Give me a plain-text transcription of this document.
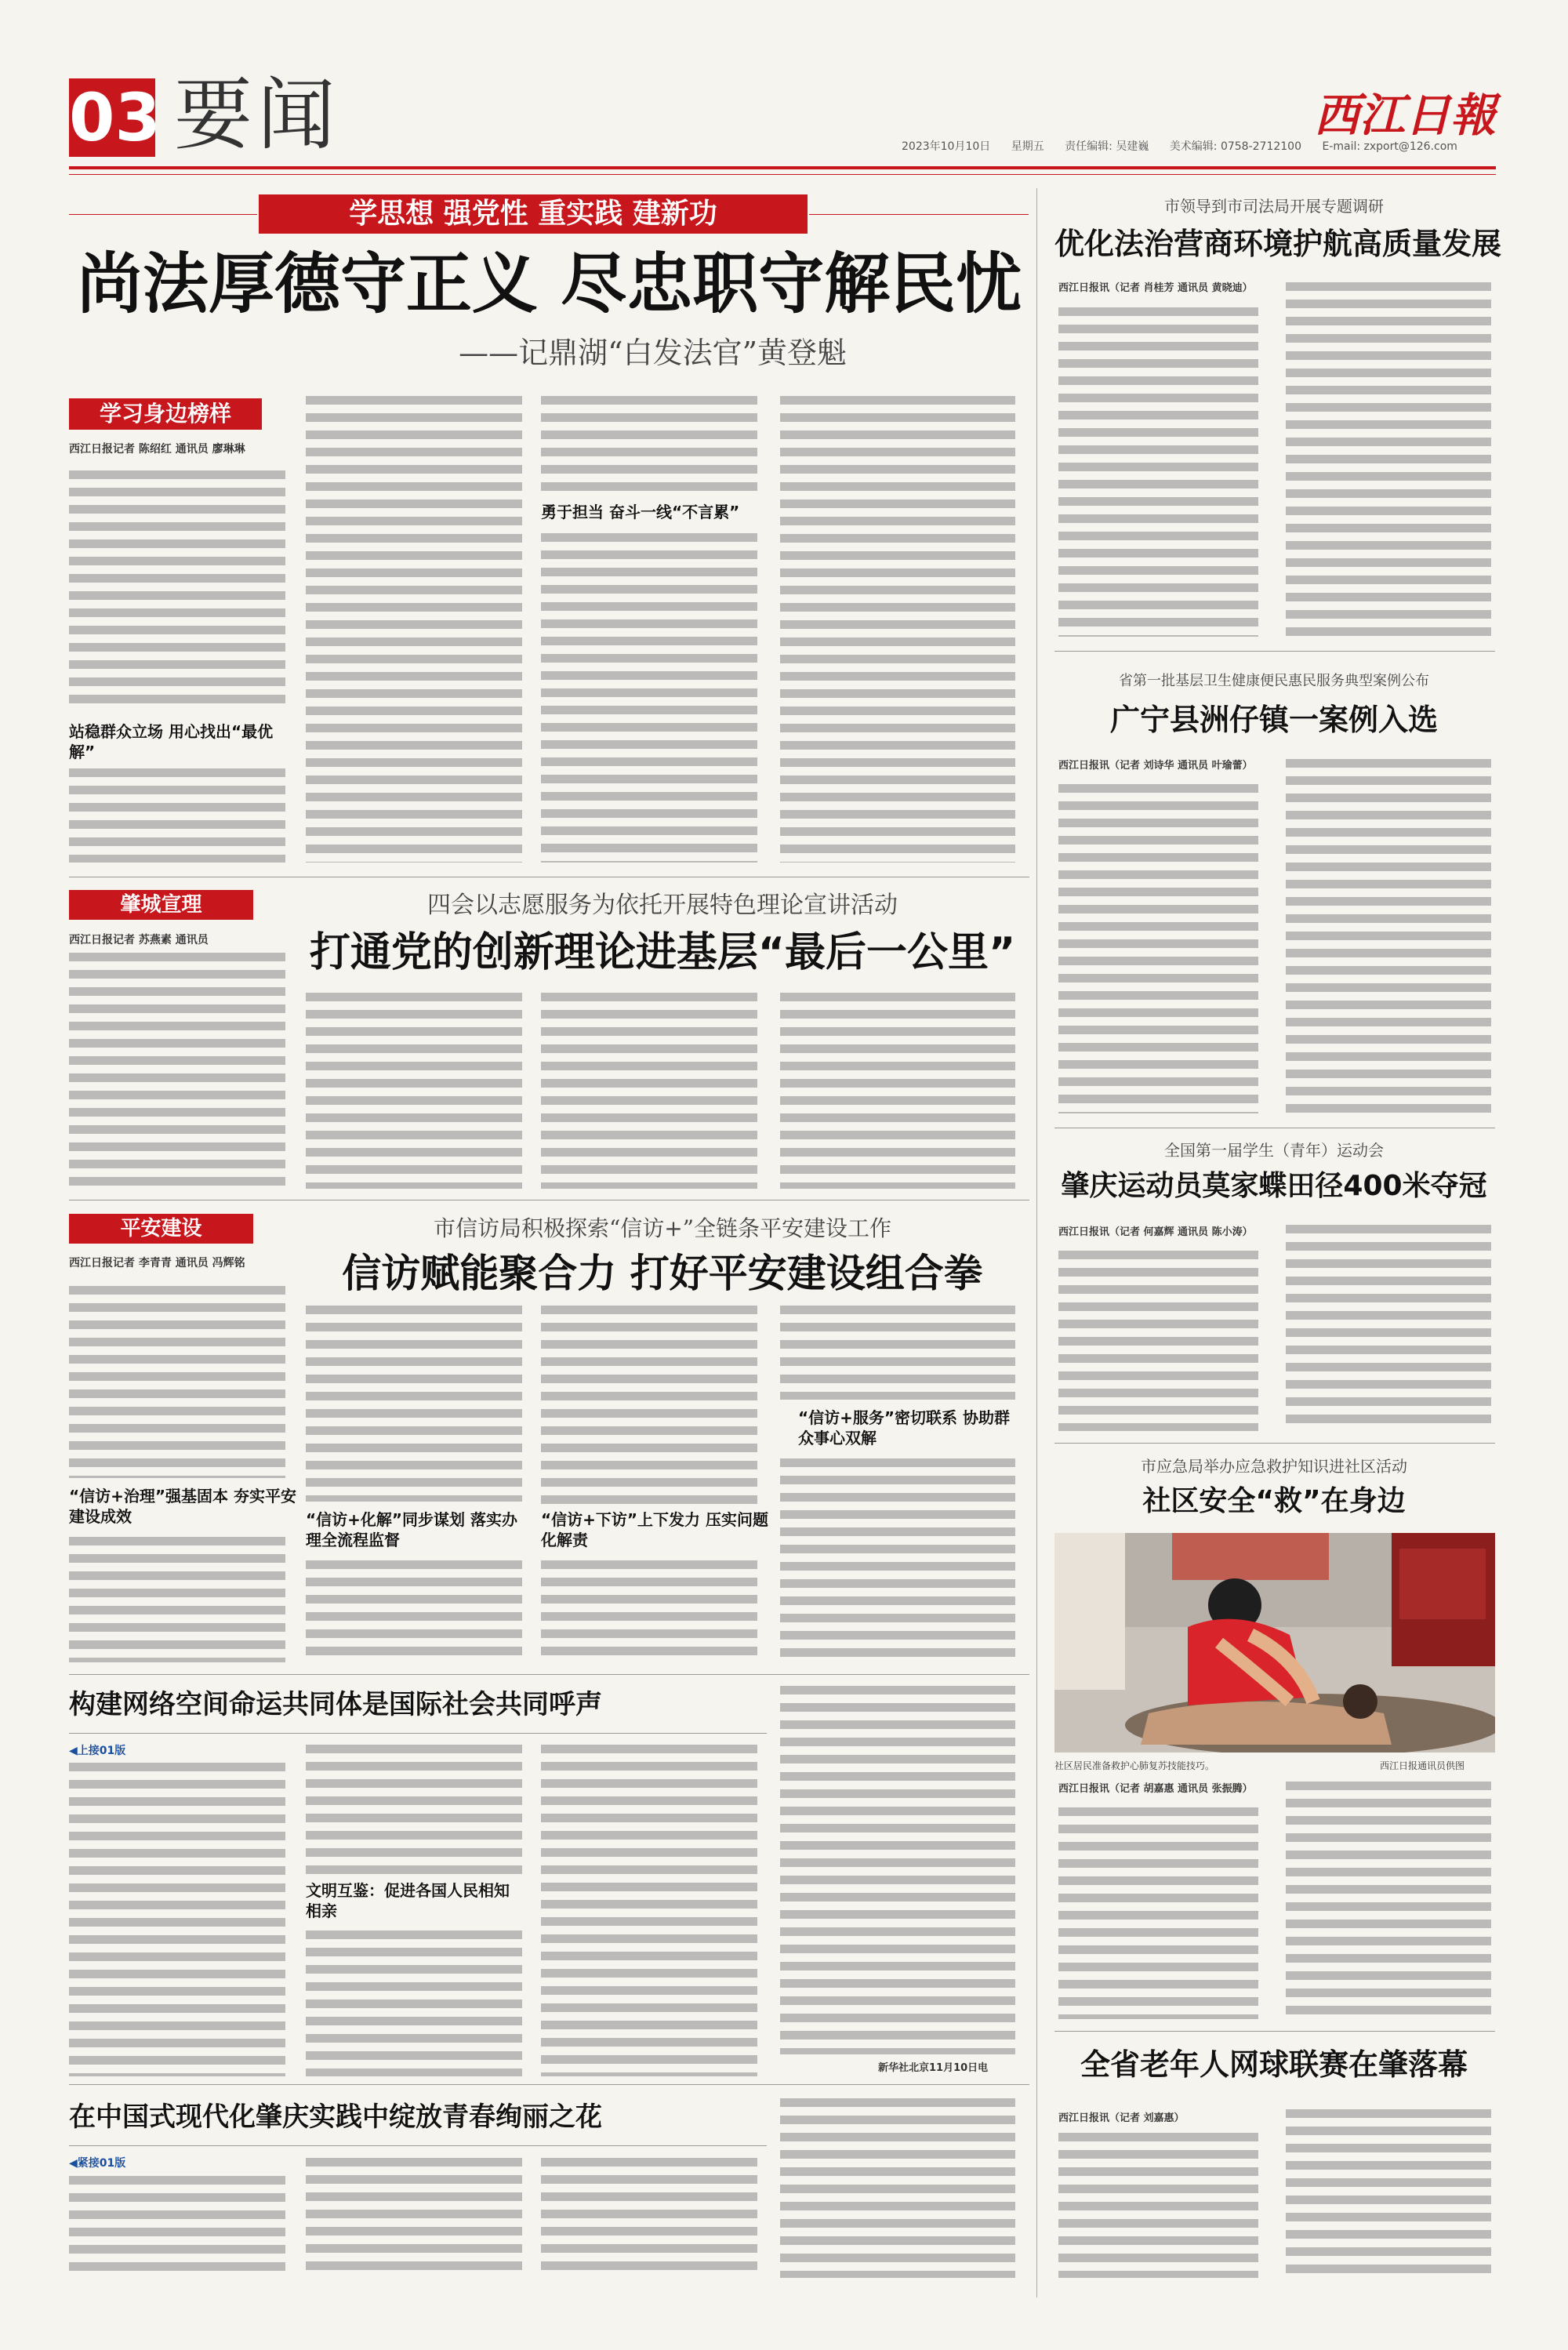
03 要闻	西江日報
2023年10月10日 星期五 责任编辑: 吴建巍 美术编辑: 0758-2712100 E-mail: zxport@126.com
学思想 强党性 重实践 建新功
尚法厚德守正义 尽忠职守解民忧
——记鼎湖“白发法官”黄登魁
学习身边榜样
西江日报记者 陈绍红 通讯员 廖琳琳
站稳群众立场 用心找出“最优解”
勇于担当 奋斗一线“不言累”
肇城宣理	四会以志愿服务为依托开展特色理论宣讲活动
打通党的创新理论进基层“最后一公里”
西江日报记者 苏燕素 通讯员
平安建设	市信访局积极探索“信访+”全链条平安建设工作
信访赋能聚合力 打好平安建设组合拳
西江日报记者 李青青 通讯员 冯辉铭
“信访+治理”强基固本 夯实平安建设成效	“信访+化解”同步谋划 落实办理全流程监督
“信访+下访”上下发力 压实问题化解责
“信访+服务”密切联系 协助群众事心双解
构建网络空间命运共同体是国际社会共同呼声
◀上接01版
文明互鉴：促进各国人民相知相亲
新华社北京11月10日电
在中国式现代化肇庆实践中绽放青春绚丽之花
◀紧接01版
市领导到市司法局开展专题调研
优化法治营商环境护航高质量发展
西江日报讯（记者 肖桂芳 通讯员 黄晓迪）
省第一批基层卫生健康便民惠民服务典型案例公布
广宁县洲仔镇一案例入选
西江日报讯（记者 刘诗华 通讯员 叶瑜蕾）
全国第一届学生（青年）运动会
肇庆运动员莫家蝶田径400米夺冠
西江日报讯（记者 何嘉辉 通讯员 陈小涛）
市应急局举办应急救护知识进社区活动
社区安全“救”在身边
社区居民准备救护心肺复苏技能技巧。	西江日报通讯员供图
西江日报讯（记者 胡嘉惠 通讯员 张振腾）
全省老年人网球联赛在肇落幕
西江日报讯（记者 刘嘉惠）
